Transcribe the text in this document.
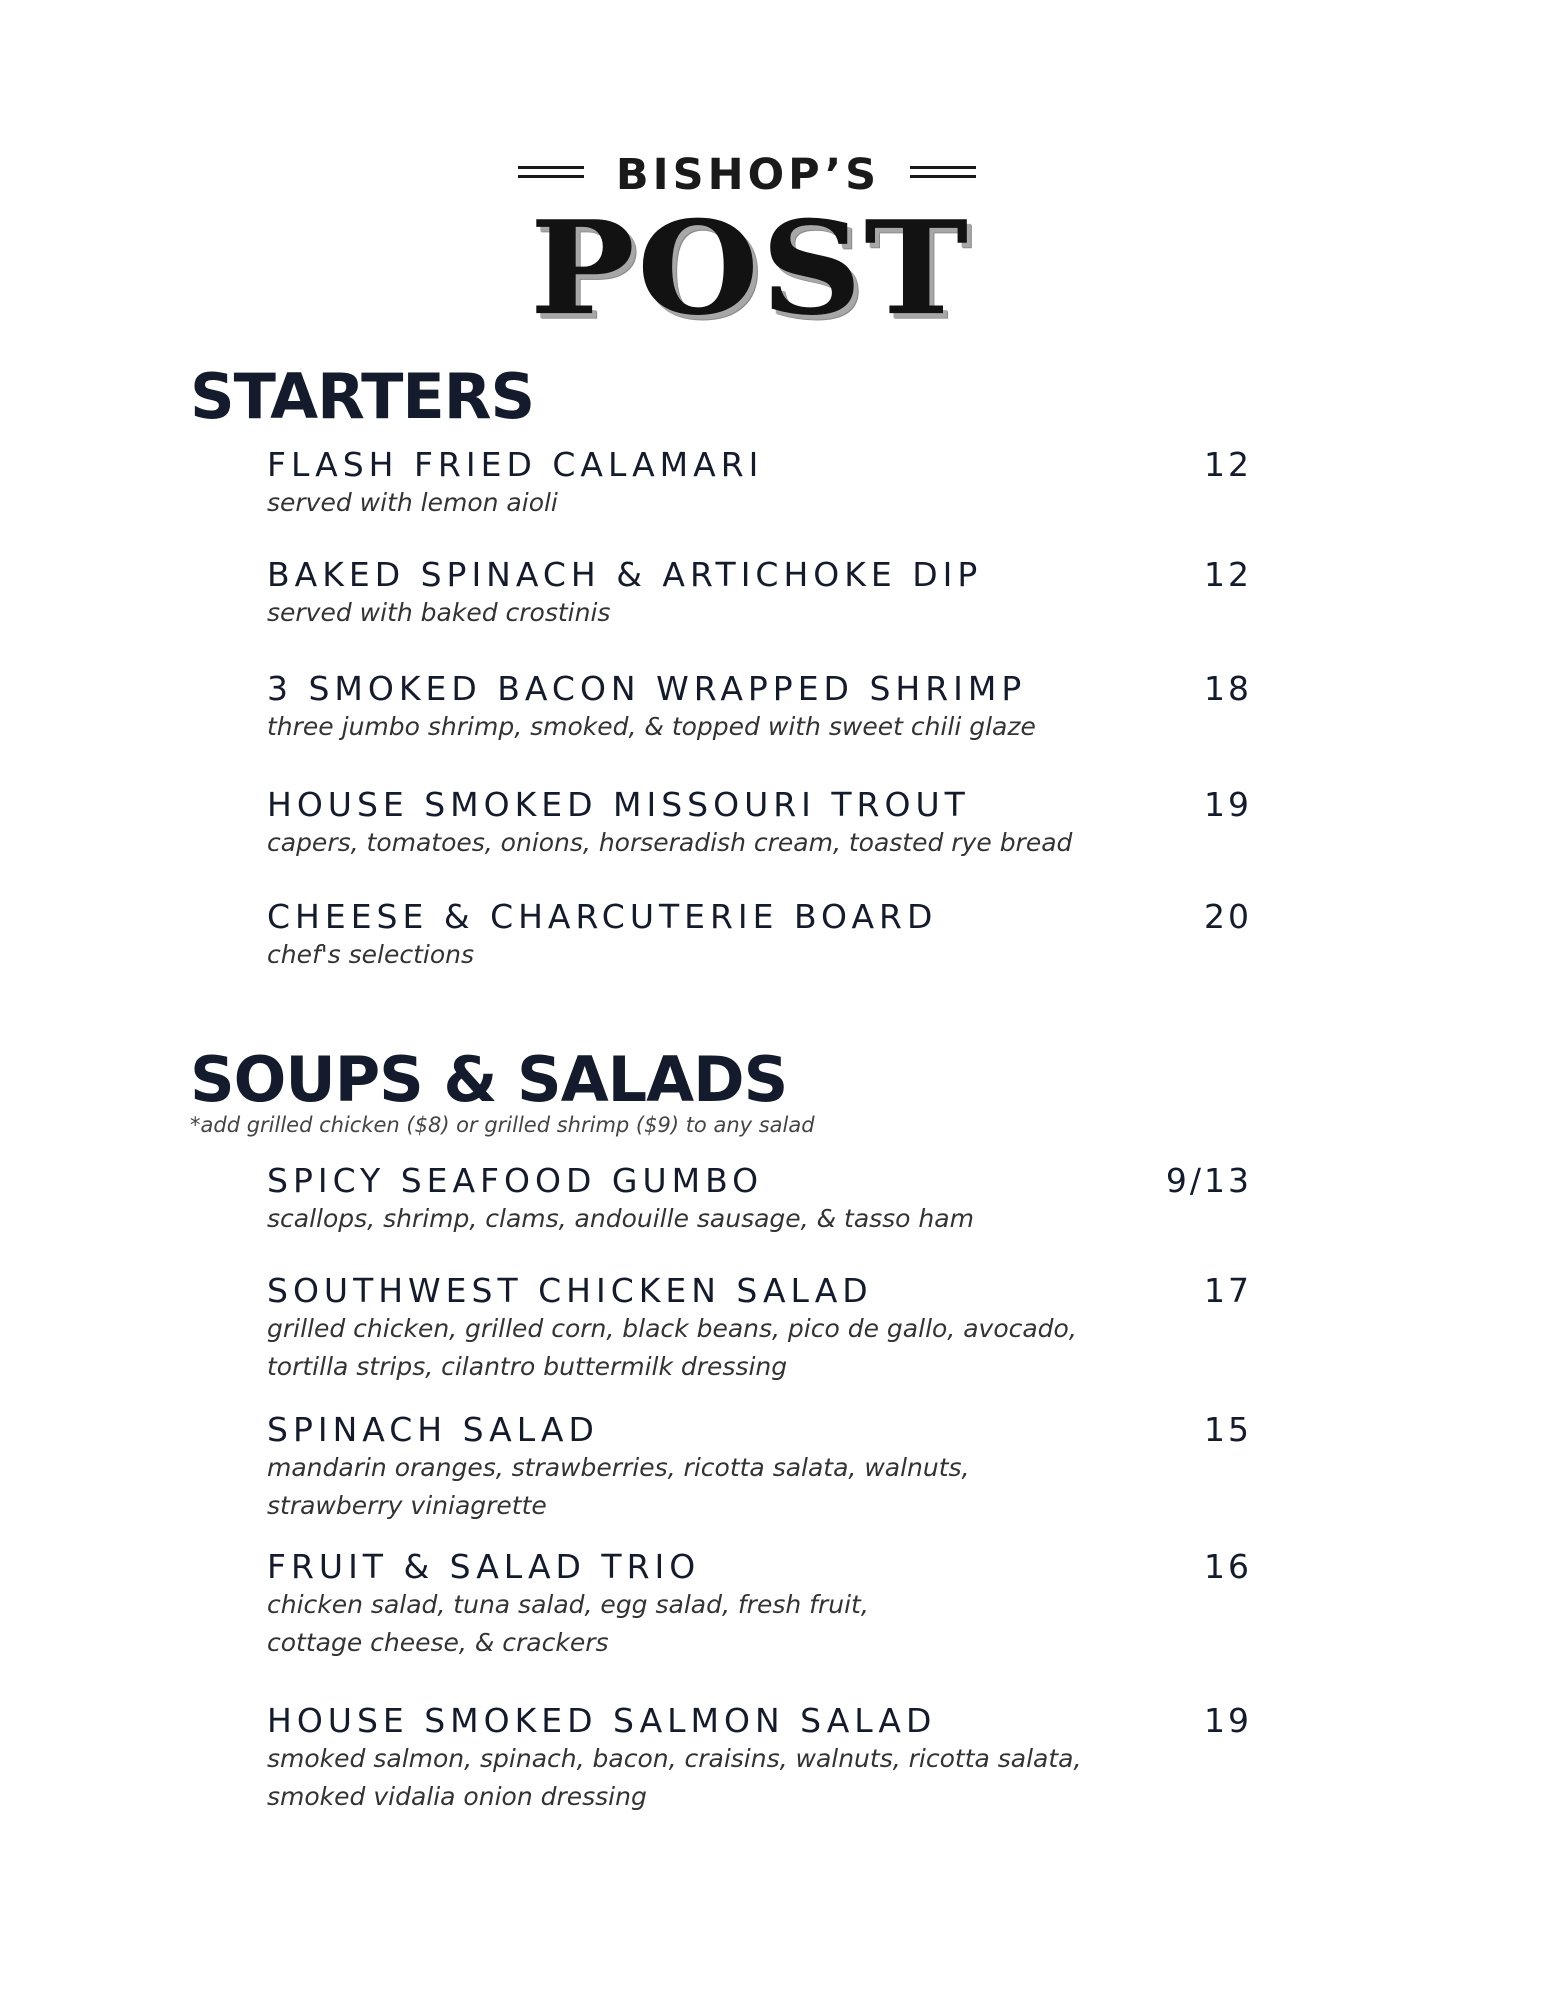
BISHOP’S
POST
STARTERS
FLASH FRIED CALAMARI	12
served with lemon aioli
BAKED SPINACH & ARTICHOKE DIP	12
served with baked crostinis
3 SMOKED BACON WRAPPED SHRIMP	18
three jumbo shrimp, smoked, & topped with sweet chili glaze
HOUSE SMOKED MISSOURI TROUT	19
capers, tomatoes, onions, horseradish cream, toasted rye bread
CHEESE & CHARCUTERIE BOARD	20
chef's selections
SOUPS & SALADS

*add grilled chicken ($8) or grilled shrimp ($9) to any salad

SPICY SEAFOOD GUMBO	9/13
scallops, shrimp, clams, andouille sausage, & tasso ham
SOUTHWEST CHICKEN SALAD	17
grilled chicken, grilled corn, black beans, pico de gallo, avocado,
tortilla strips, cilantro buttermilk dressing
SPINACH SALAD	15
mandarin oranges, strawberries, ricotta salata, walnuts,
strawberry viniagrette
FRUIT & SALAD TRIO	16
chicken salad, tuna salad, egg salad, fresh fruit,
cottage cheese, & crackers
HOUSE SMOKED SALMON SALAD	19
smoked salmon, spinach, bacon, craisins, walnuts, ricotta salata,
smoked vidalia onion dressing
